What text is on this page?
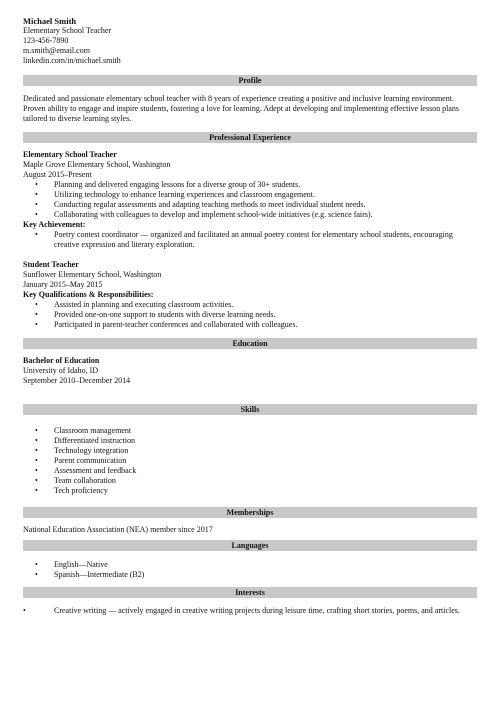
Michael Smith
Elementary School Teacher
123-456-7890
m.smith@email.com
linkedin.com/in/michael.smith
Profile

Dedicated and passionate elementary school teacher with 8 years of experience creating a positive and inclusive learning environment. Proven ability to engage and inspire students, fostering a love for learning. Adept at developing and implementing effective lesson plans tailored to diverse learning styles.

Professional Experience
Elementary School Teacher
Maple Grove Elementary School, Washington
August 2015–Present
• Planning and delivered engaging lessons for a diverse group of 30+ students.
• Utilizing technology to enhance learning experiences and classroom engagement.
• Conducting regular assessments and adapting teaching methods to meet individual student needs.
• Collaborating with colleagues to develop and implement school-wide initiatives (e.g. science fairs).
Key Achievement:
• Poetry contest coordinator — organized and facilitated an annual poetry contest for elementary school students, encouraging creative expression and literary exploration.
Student Teacher
Sunflower Elementary School, Washington
January 2015–May 2015
Key Qualifications & Responsibilities:
• Assisted in planning and executing classroom activities.
• Provided one-on-one support to students with diverse learning needs.
• Participated in parent-teacher conferences and collaborated with colleagues.
Education
Bachelor of Education
University of Idaho, ID
September 2010–December 2014
Skills
• Classroom management
• Differentiated instruction
• Technology integration
• Parent communication
• Assessment and feedback
• Team collaboration
• Tech proficiency
Memberships

National Education Association (NEA) member since 2017

Languages
• English—Native
• Spanish—Intermediate (B2)
Interests
•	Creative writing — actively engaged in creative writing projects during leisure time, crafting short stories, poems, and articles.
